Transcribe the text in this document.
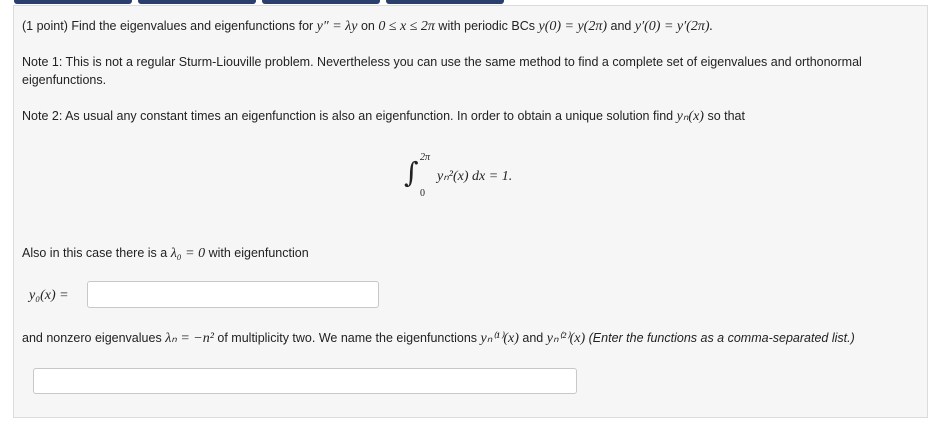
(1 point) Find the eigenvalues and eigenfunctions for y″ = λy on 0 ≤ x ≤ 2π with periodic BCs y(0) = y(2π) and y′(0) = y′(2π).
Note 1: This is not a regular Sturm-Liouville problem. Nevertheless you can use the same method to find a complete set of eigenvalues and orthonormal
eigenfunctions.
Note 2: As usual any constant times an eigenfunction is also an eigenfunction. In order to obtain a unique solution find yₙ(x) so that
∫ 2π
0
yₙ²(x) dx = 1.
Also in this case there is a λ₀ = 0 with eigenfunction
y₀(x) =
and nonzero eigenvalues λₙ = −n² of multiplicity two. We name the eigenfunctions yₙ⁽¹⁾(x) and yₙ⁽²⁾(x) (Enter the functions as a comma-separated list.)
